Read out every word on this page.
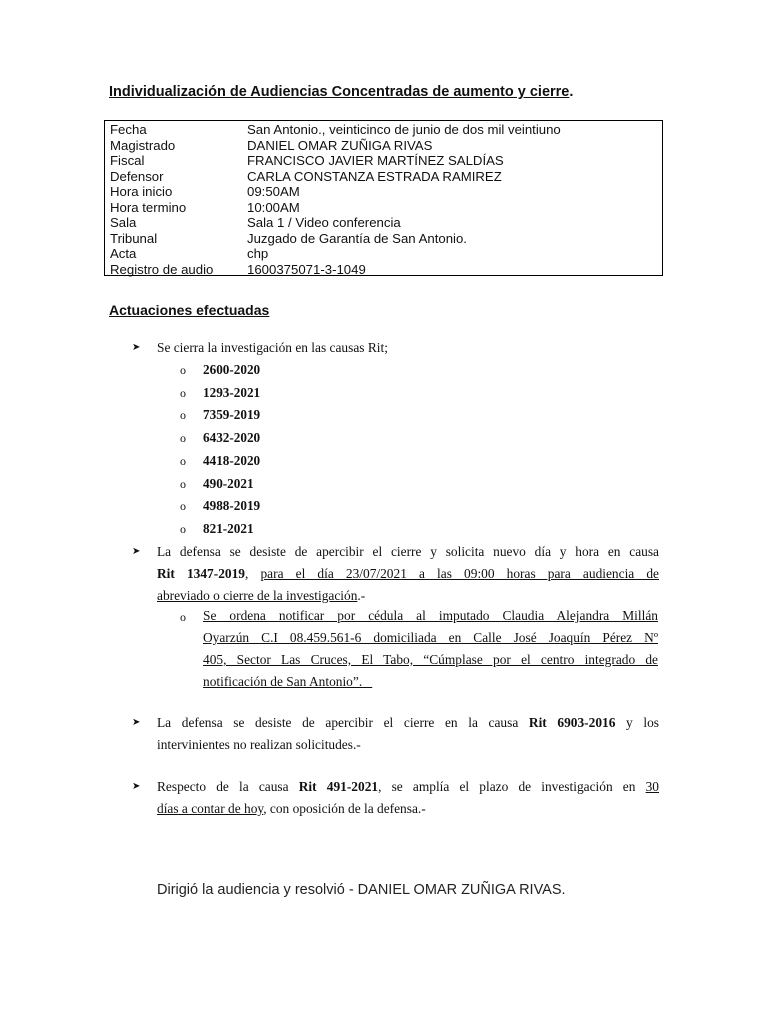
Individualización de Audiencias Concentradas de aumento y cierre.
Fecha	San Antonio., veinticinco de junio de dos mil veintiuno
Magistrado	DANIEL OMAR ZUÑIGA RIVAS
Fiscal	FRANCISCO JAVIER MARTÍNEZ SALDÍAS
Defensor	CARLA CONSTANZA ESTRADA RAMIREZ
Hora inicio	09:50AM
Hora termino	10:00AM
Sala	Sala 1 / Video conferencia
Tribunal	Juzgado de Garantía de San Antonio.
Acta	chp
Registro de audio	1600375071-3-1049
Actuaciones efectuadas
➤ Se cierra la investigación en las causas Rit;
o 2600-2020
o 1293-2021
o 7359-2019
o 6432-2020
o 4418-2020
o 490-2021
o 4988-2019
o 821-2021
➤ La defensa se desiste de apercibir el cierre y solicita nuevo día y hora en causa
Rit 1347-2019, para el día 23/07/2021 a las 09:00 horas para audiencia de
abreviado o cierre de la investigación.-
o Se ordena notificar por cédula al imputado Claudia Alejandra Millán
Oyarzún C.I 08.459.561-6 domiciliada en Calle José Joaquín Pérez Nº
405, Sector Las Cruces, El Tabo, “Cúmplase por el centro integrado de
notificación de San Antonio”.
➤ La defensa se desiste de apercibir el cierre en la causa Rit 6903-2016 y los
intervinientes no realizan solicitudes.-
➤ Respecto de la causa Rit 491-2021, se amplía el plazo de investigación en 30
días a contar de hoy, con oposición de la defensa.-
Dirigió la audiencia y resolvió - DANIEL OMAR ZUÑIGA RIVAS.
